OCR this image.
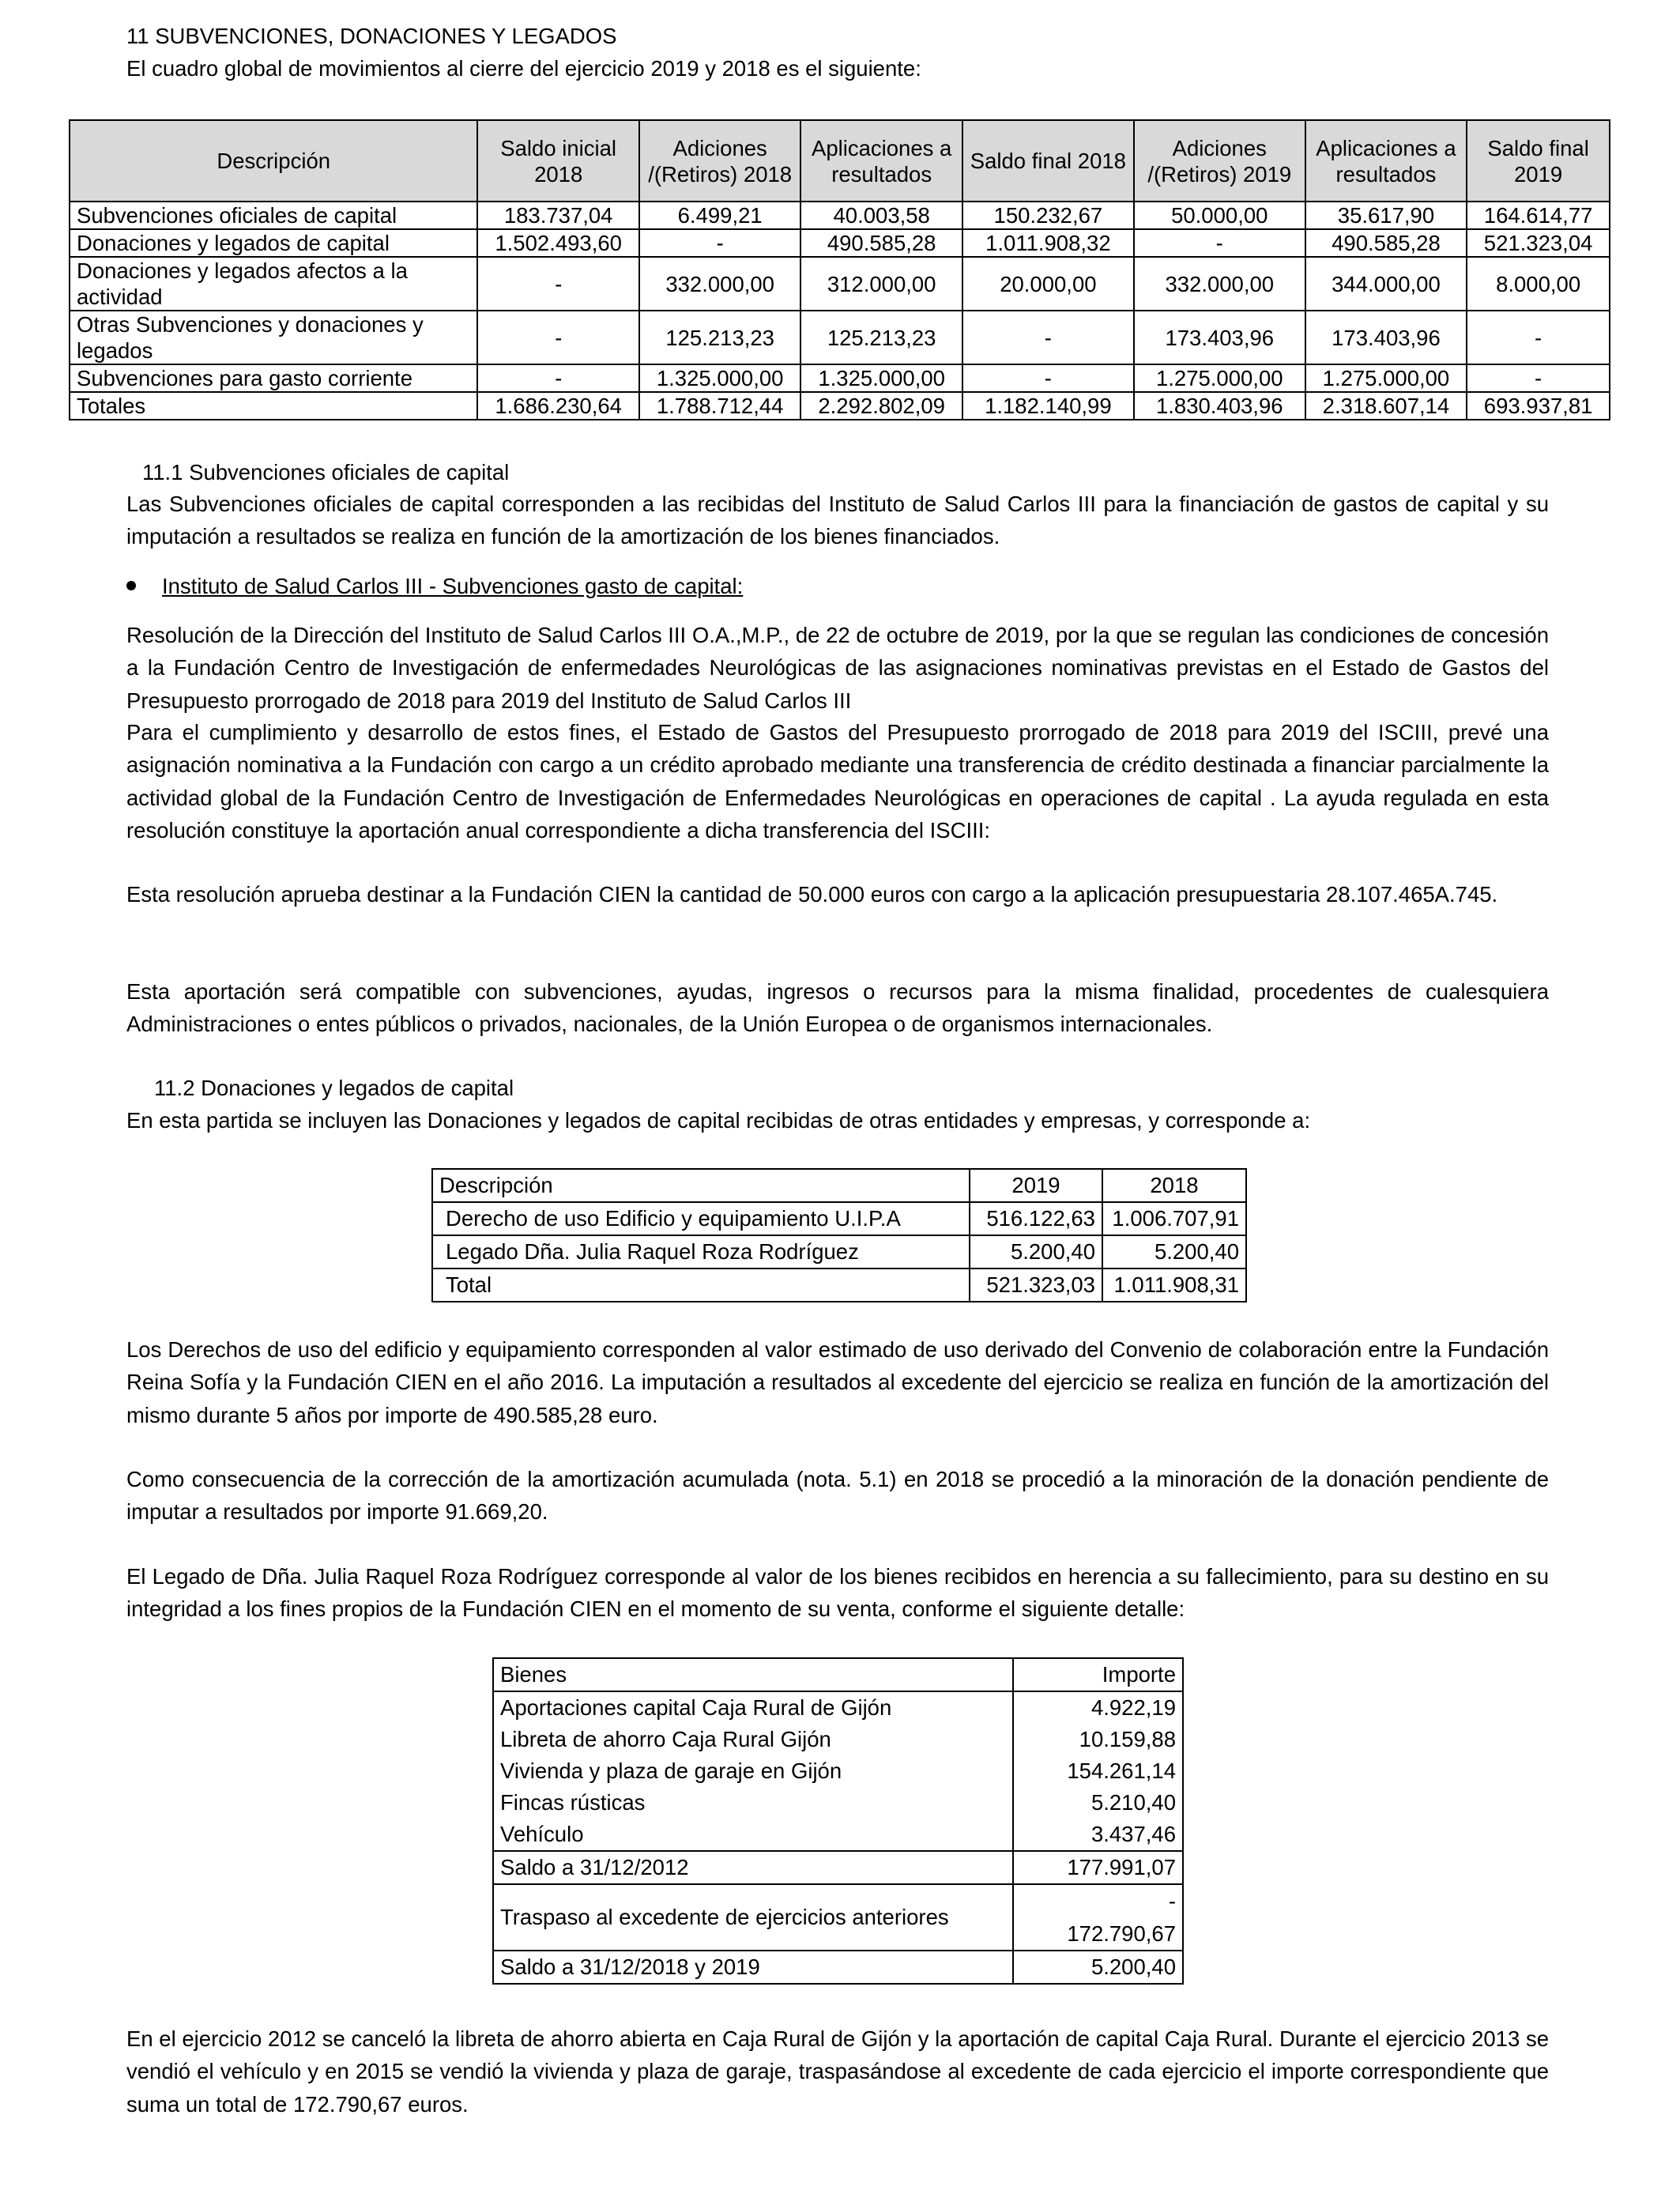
11 SUBVENCIONES, DONACIONES Y LEGADOS

El cuadro global de movimientos al cierre del ejercicio 2019 y 2018 es el siguiente:

Descripción	Saldo inicial 2018	Adiciones /(Retiros) 2018	Aplicaciones a resultados	Saldo final 2018	Adiciones /(Retiros) 2019	Aplicaciones a resultados	Saldo final 2019
Subvenciones oficiales de capital	183.737,04	6.499,21	40.003,58	150.232,67	50.000,00	35.617,90	164.614,77
Donaciones y legados de capital	1.502.493,60	-	490.585,28	1.011.908,32	-	490.585,28	521.323,04
Donaciones y legados afectos a la actividad	-	332.000,00	312.000,00	20.000,00	332.000,00	344.000,00	8.000,00
Otras Subvenciones y donaciones y legados	-	125.213,23	125.213,23	-	173.403,96	173.403,96	-
Subvenciones para gasto corriente	-	1.325.000,00	1.325.000,00	-	1.275.000,00	1.275.000,00	-
Totales	1.686.230,64	1.788.712,44	2.292.802,09	1.182.140,99	1.830.403,96	2.318.607,14	693.937,81

11.1 Subvenciones oficiales de capital

Las Subvenciones oficiales de capital corresponden a las recibidas del Instituto de Salud Carlos III para la financiación de gastos de capital y su imputación a resultados se realiza en función de la amortización de los bienes financiados.

Instituto de Salud Carlos III - Subvenciones gasto de capital:

Resolución de la Dirección del Instituto de Salud Carlos III O.A.,M.P., de 22 de octubre de 2019, por la que se regulan las condiciones de concesión a la Fundación Centro de Investigación de enfermedades Neurológicas de las asignaciones nominativas previstas en el Estado de Gastos del Presupuesto prorrogado de 2018 para 2019 del Instituto de Salud Carlos III

Para el cumplimiento y desarrollo de estos fines, el Estado de Gastos del Presupuesto prorrogado de 2018 para 2019 del ISCIII, prevé una asignación nominativa a la Fundación con cargo a un crédito aprobado mediante una transferencia de crédito destinada a financiar parcialmente la actividad global de la Fundación Centro de Investigación de Enfermedades Neurológicas en operaciones de capital . La ayuda regulada en esta resolución constituye la aportación anual correspondiente a dicha transferencia del ISCIII:

Esta resolución aprueba destinar a la Fundación CIEN la cantidad de 50.000 euros con cargo a la aplicación presupuestaria 28.107.465A.745.

Esta aportación será compatible con subvenciones, ayudas, ingresos o recursos para la misma finalidad, procedentes de cualesquiera Administraciones o entes públicos o privados, nacionales, de la Unión Europea o de organismos internacionales.

11.2 Donaciones y legados de capital

En esta partida se incluyen las Donaciones y legados de capital recibidas de otras entidades y empresas, y corresponde a:

Descripción	2019	2018
Derecho de uso Edificio y equipamiento U.I.P.A	516.122,63	1.006.707,91
Legado Dña. Julia Raquel Roza Rodríguez	5.200,40	5.200,40
Total	521.323,03	1.011.908,31

Los Derechos de uso del edificio y equipamiento corresponden al valor estimado de uso derivado del Convenio de colaboración entre la Fundación Reina Sofía y la Fundación CIEN en el año 2016. La imputación a resultados al excedente del ejercicio se realiza en función de la amortización del mismo durante 5 años por importe de 490.585,28 euro.

Como consecuencia de la corrección de la amortización acumulada (nota. 5.1) en 2018 se procedió a la minoración de la donación pendiente de imputar a resultados por importe 91.669,20.

El Legado de Dña. Julia Raquel Roza Rodríguez corresponde al valor de los bienes recibidos en herencia a su fallecimiento, para su destino en su integridad a los fines propios de la Fundación CIEN en el momento de su venta, conforme el siguiente detalle:

Bienes	Importe
Aportaciones capital Caja Rural de Gijón	4.922,19
Libreta de ahorro Caja Rural Gijón	10.159,88
Vivienda y plaza de garaje en Gijón	154.261,14
Fincas rústicas	5.210,40
Vehículo	3.437,46
Saldo a 31/12/2012	177.991,07
Traspaso al excedente de ejercicios anteriores	-
172.790,67

Saldo a 31/12/2018 y 2019	5.200,40

En el ejercicio 2012 se canceló la libreta de ahorro abierta en Caja Rural de Gijón y la aportación de capital Caja Rural. Durante el ejercicio 2013 se vendió el vehículo y en 2015 se vendió la vivienda y plaza de garaje, traspasándose al excedente de cada ejercicio el importe correspondiente que suma un total de 172.790,67 euros.
